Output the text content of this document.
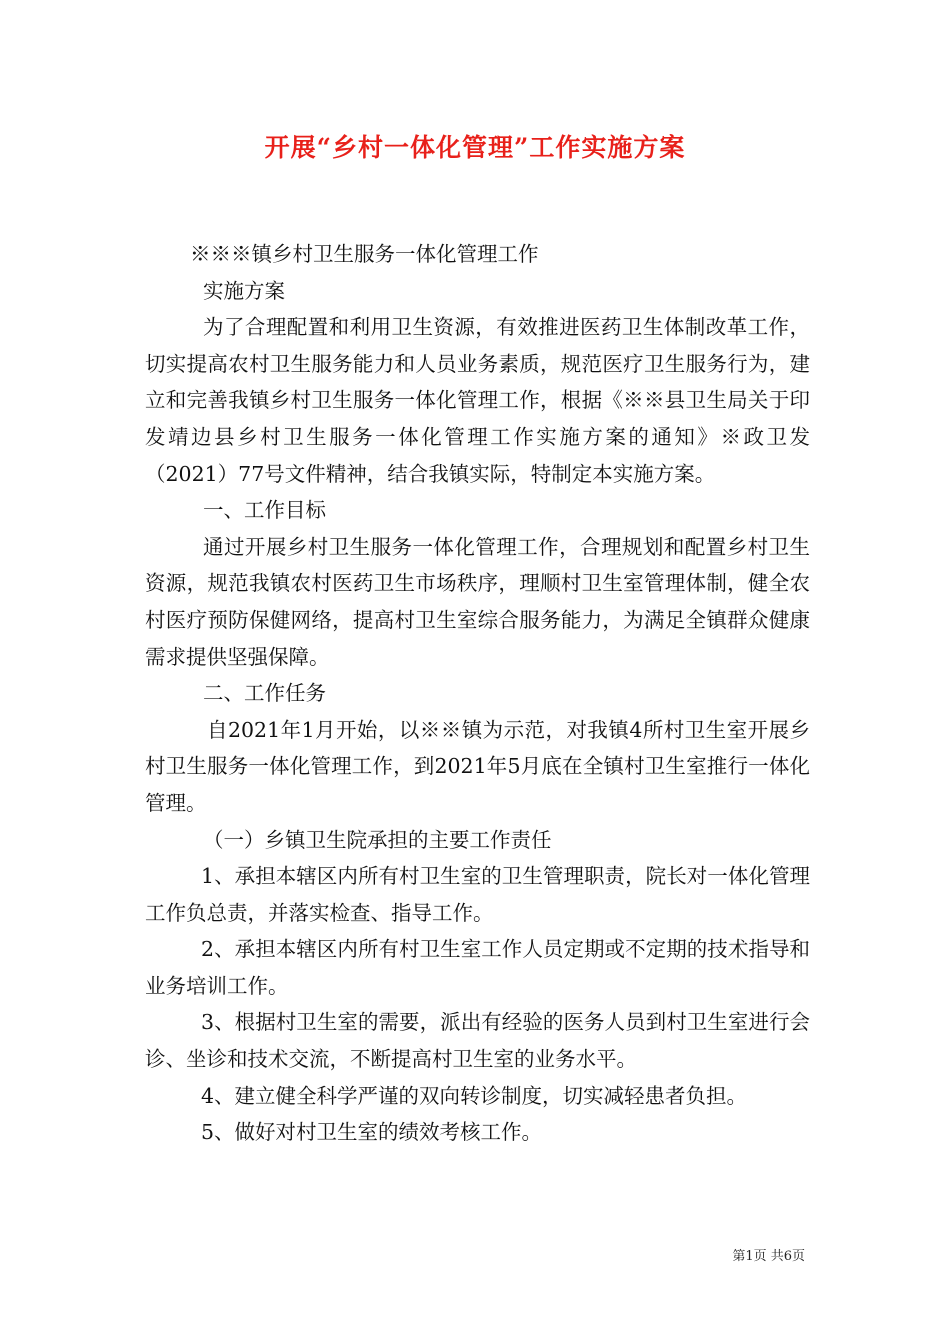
开展“乡村一体化管理”工作实施方案

※※※镇乡村卫生服务一体化管理工作

实施方案

为了合理配置和利用卫生资源，有效推进医药卫生体制改革工作，切实提高农村卫生服务能力和人员业务素质，规范医疗卫生服务行为，建立和完善我镇乡村卫生服务一体化管理工作，根据《※※县卫生局关于印发靖边县乡村卫生服务一体化管理工作实施方案的通知》※政卫发（2021）77号文件精神，结合我镇实际，特制定本实施方案。

一、工作目标

通过开展乡村卫生服务一体化管理工作，合理规划和配置乡村卫生资源，规范我镇农村医药卫生市场秩序，理顺村卫生室管理体制，健全农村医疗预防保健网络，提高村卫生室综合服务能力，为满足全镇群众健康需求提供坚强保障。

二、工作任务

自2021年1月开始，以※※镇为示范，对我镇4所村卫生室开展乡村卫生服务一体化管理工作，到2021年5月底在全镇村卫生室推行一体化管理。

（一）乡镇卫生院承担的主要工作责任

1、承担本辖区内所有村卫生室的卫生管理职责，院长对一体化管理工作负总责，并落实检查、指导工作。

2、承担本辖区内所有村卫生室工作人员定期或不定期的技术指导和业务培训工作。

3、根据村卫生室的需要，派出有经验的医务人员到村卫生室进行会诊、坐诊和技术交流，不断提高村卫生室的业务水平。

4、建立健全科学严谨的双向转诊制度，切实减轻患者负担。

5、做好对村卫生室的绩效考核工作。

第1页 共6页
